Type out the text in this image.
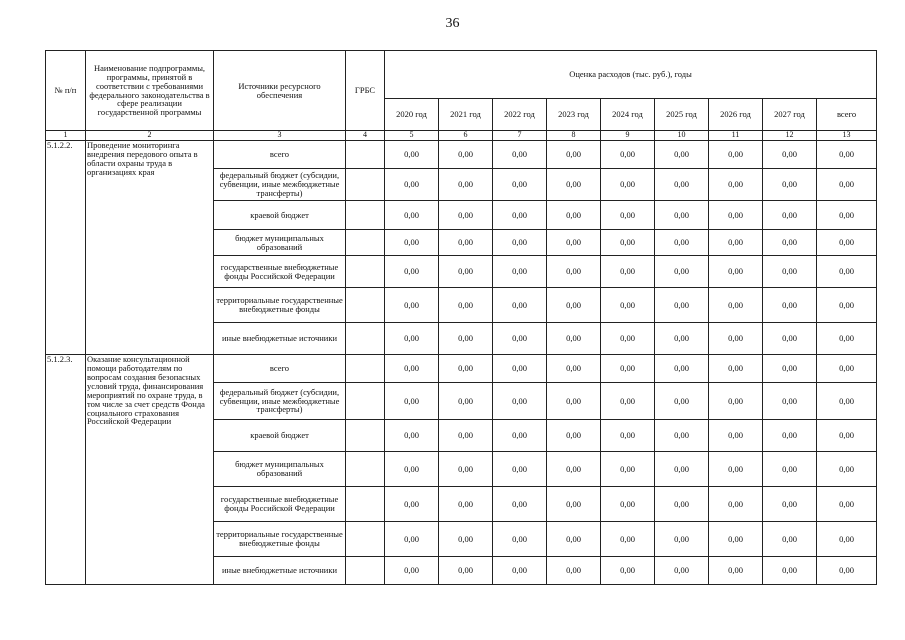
36
№ п/п	Наименование подпрограммы, программы, принятой в соответствии с требованиями федерального законодательства в сфере реализации государственной программы	Источники ресурсного обеспечения	ГРБС	Оценка расходов (тыс. руб.), годы								
				2020 год	2021 год	2022 год	2023 год	2024 год	2025 год	2026 год	2027 год	всего
1	2	3	4	5	6	7	8	9	10	11	12	13
5.1.2.2.	Проведение мониторинга внедрения передового опыта в области охраны труда в организациях края	всего		0,00	0,00	0,00	0,00	0,00	0,00	0,00	0,00	0,00
		федеральный бюджет (субсидии, субвенции, иные межбюджетные трансферты)		0,00	0,00	0,00	0,00	0,00	0,00	0,00	0,00	0,00
		краевой бюджет		0,00	0,00	0,00	0,00	0,00	0,00	0,00	0,00	0,00
		бюджет муниципальных образований		0,00	0,00	0,00	0,00	0,00	0,00	0,00	0,00	0,00
		государственные внебюджетные фонды Российской Федерации		0,00	0,00	0,00	0,00	0,00	0,00	0,00	0,00	0,00
		территориальные государственные внебюджетные фонды		0,00	0,00	0,00	0,00	0,00	0,00	0,00	0,00	0,00
		иные внебюджетные источники		0,00	0,00	0,00	0,00	0,00	0,00	0,00	0,00	0,00
5.1.2.3.	Оказание консультационной помощи работодателям по вопросам создания безопасных условий труда, финансирования мероприятий по охране труда, в том числе за счет средств Фонда социального страхования Российской Федерации	всего		0,00	0,00	0,00	0,00	0,00	0,00	0,00	0,00	0,00
		федеральный бюджет (субсидии, субвенции, иные межбюджетные трансферты)		0,00	0,00	0,00	0,00	0,00	0,00	0,00	0,00	0,00
		краевой бюджет		0,00	0,00	0,00	0,00	0,00	0,00	0,00	0,00	0,00
		бюджет муниципальных образований		0,00	0,00	0,00	0,00	0,00	0,00	0,00	0,00	0,00
		государственные внебюджетные фонды Российской Федерации		0,00	0,00	0,00	0,00	0,00	0,00	0,00	0,00	0,00
		территориальные государственные внебюджетные фонды		0,00	0,00	0,00	0,00	0,00	0,00	0,00	0,00	0,00
		иные внебюджетные источники		0,00	0,00	0,00	0,00	0,00	0,00	0,00	0,00	0,00
